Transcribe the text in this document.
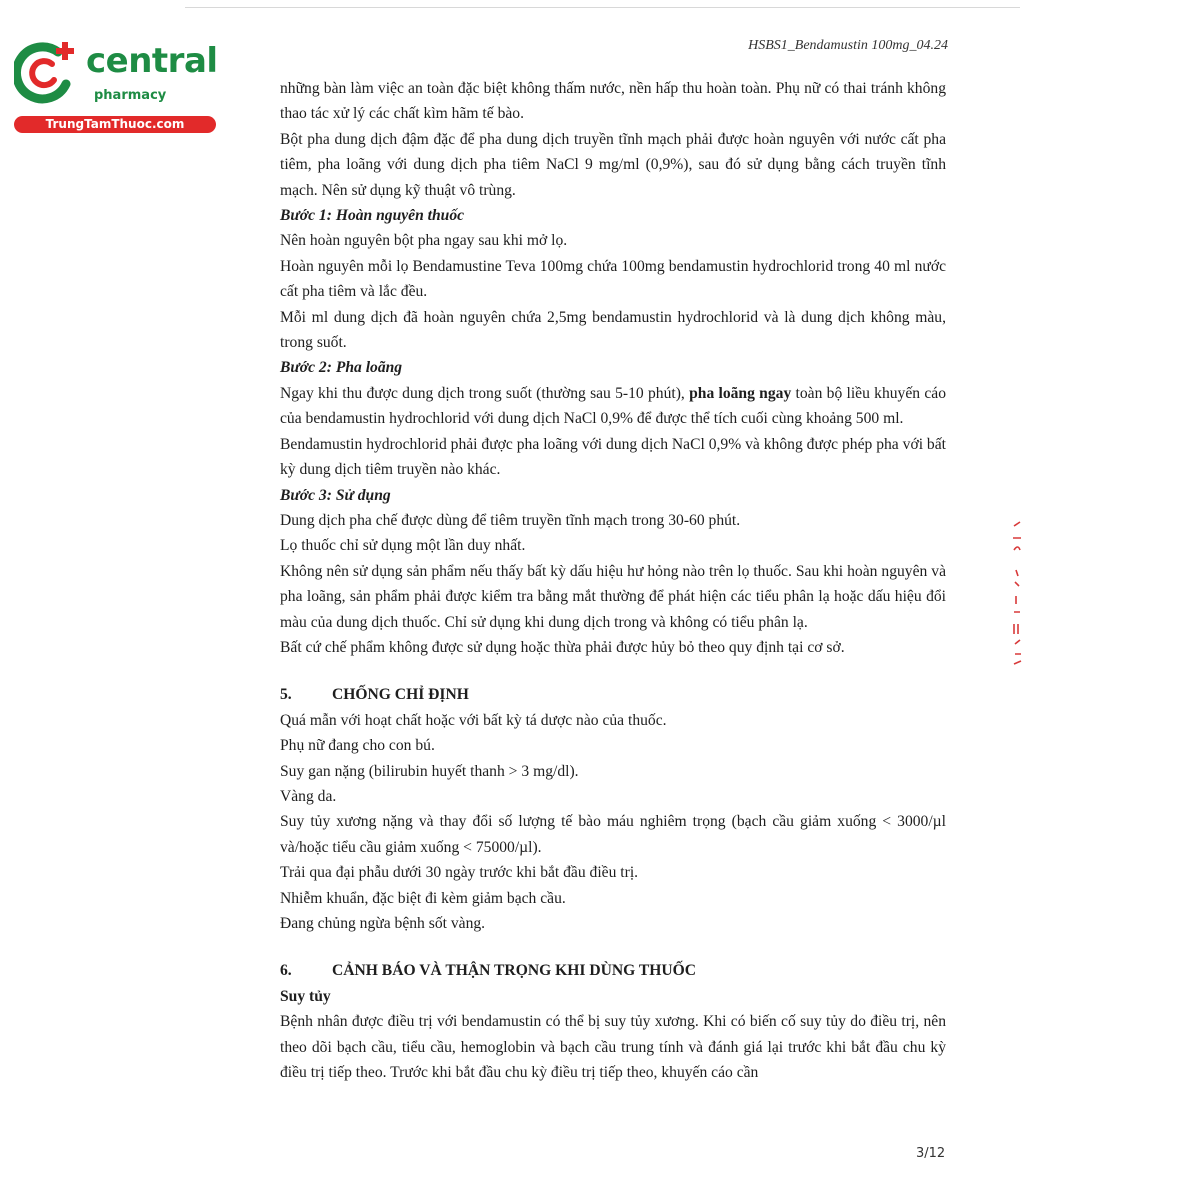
central
pharmacy
TrungTamThuoc.com
HSBS1_Bendamustin 100mg_04.24

những bàn làm việc an toàn đặc biệt không thấm nước, nền hấp thu hoàn toàn. Phụ nữ có thai tránh không thao tác xử lý các chất kìm hãm tế bào.

Bột pha dung dịch đậm đặc để pha dung dịch truyền tĩnh mạch phải được hoàn nguyên với nước cất pha tiêm, pha loãng với dung dịch pha tiêm NaCl 9 mg/ml (0,9%), sau đó sử dụng bằng cách truyền tĩnh mạch. Nên sử dụng kỹ thuật vô trùng.

Bước 1: Hoàn nguyên thuốc

Nên hoàn nguyên bột pha ngay sau khi mở lọ.

Hoàn nguyên mỗi lọ Bendamustine Teva 100mg chứa 100mg bendamustin hydrochlorid trong 40 ml nước cất pha tiêm và lắc đều.

Mỗi ml dung dịch đã hoàn nguyên chứa 2,5mg bendamustin hydrochlorid và là dung dịch không màu, trong suốt.

Bước 2: Pha loãng

Ngay khi thu được dung dịch trong suốt (thường sau 5-10 phút), pha loãng ngay toàn bộ liều khuyến cáo của bendamustin hydrochlorid với dung dịch NaCl 0,9% để được thể tích cuối cùng khoảng 500 ml.

Bendamustin hydrochlorid phải được pha loãng với dung dịch NaCl 0,9% và không được phép pha với bất kỳ dung dịch tiêm truyền nào khác.

Bước 3: Sử dụng

Dung dịch pha chế được dùng để tiêm truyền tĩnh mạch trong 30-60 phút.

Lọ thuốc chỉ sử dụng một lần duy nhất.

Không nên sử dụng sản phẩm nếu thấy bất kỳ dấu hiệu hư hỏng nào trên lọ thuốc. Sau khi hoàn nguyên và pha loãng, sản phẩm phải được kiểm tra bằng mắt thường để phát hiện các tiểu phân lạ hoặc dấu hiệu đổi màu của dung dịch thuốc. Chỉ sử dụng khi dung dịch trong và không có tiểu phân lạ.

Bất cứ chế phẩm không được sử dụng hoặc thừa phải được hủy bỏ theo quy định tại cơ sở.

5.	CHỐNG CHỈ ĐỊNH

Quá mẫn với hoạt chất hoặc với bất kỳ tá dược nào của thuốc.

Phụ nữ đang cho con bú.

Suy gan nặng (bilirubin huyết thanh > 3 mg/dl).

Vàng da.

Suy tủy xương nặng và thay đổi số lượng tế bào máu nghiêm trọng (bạch cầu giảm xuống < 3000/µl và/hoặc tiểu cầu giảm xuống < 75000/µl).

Trải qua đại phẫu dưới 30 ngày trước khi bắt đầu điều trị.

Nhiễm khuẩn, đặc biệt đi kèm giảm bạch cầu.

Đang chủng ngừa bệnh sốt vàng.

6.	CẢNH BÁO VÀ THẬN TRỌNG KHI DÙNG THUỐC

Suy tủy

Bệnh nhân được điều trị với bendamustin có thể bị suy tủy xương. Khi có biến cố suy tủy do điều trị, nên theo dõi bạch cầu, tiểu cầu, hemoglobin và bạch cầu trung tính và đánh giá lại trước khi bắt đầu chu kỳ điều trị tiếp theo. Trước khi bắt đầu chu kỳ điều trị tiếp theo, khuyến cáo cần

3/12
